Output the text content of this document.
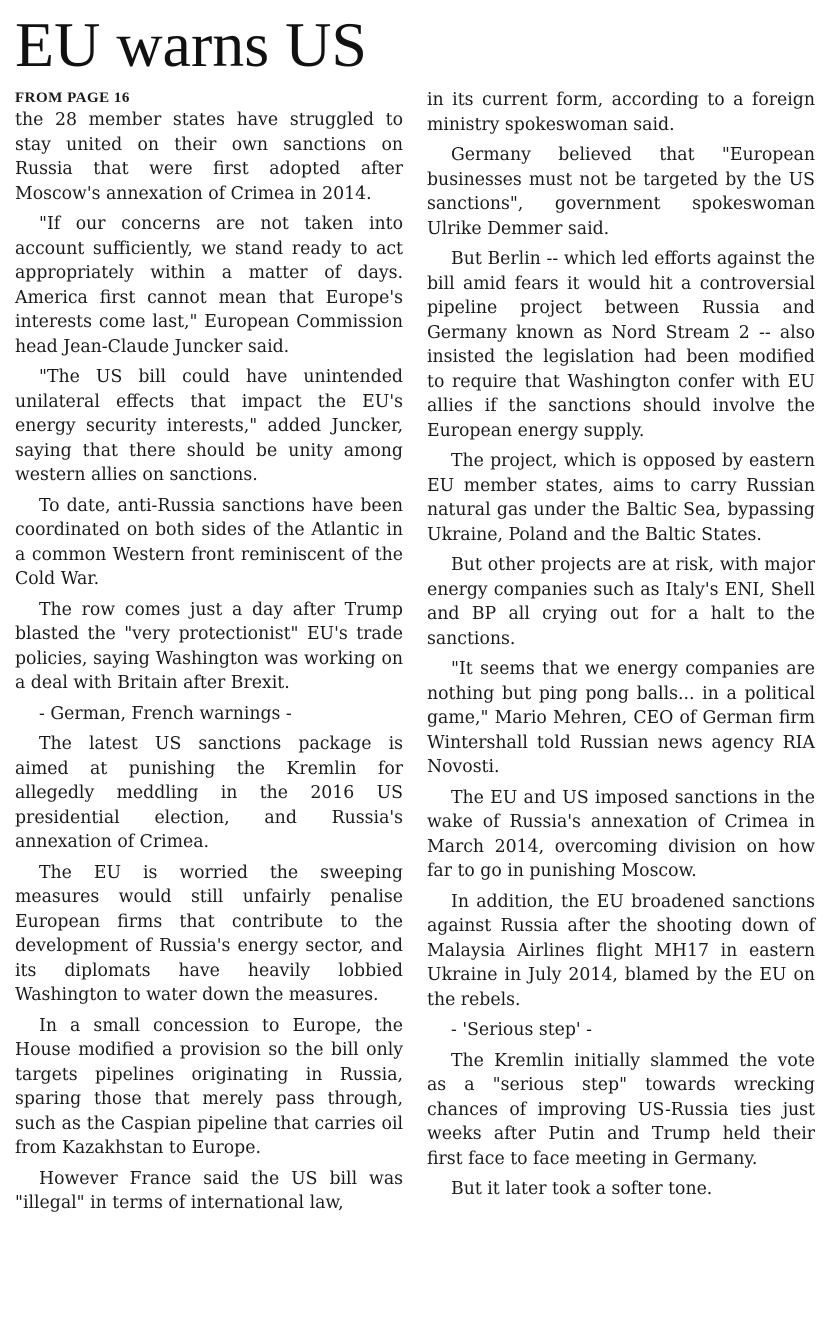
EU warns US
FROM PAGE 16

the 28 member states have struggled to stay united on their own sanctions on Russia that were first adopted after Moscow's annexation of Crimea in 2014.

"If our concerns are not taken into account sufficiently, we stand ready to act appropriately within a matter of days. America first cannot mean that Europe's interests come last," European Commission head Jean-Claude Juncker said.

"The US bill could have unintended unilateral effects that impact the EU's energy security interests," added Juncker, saying that there should be unity among western allies on sanctions.

To date, anti-Russia sanctions have been coordinated on both sides of the Atlantic in a common Western front reminiscent of the Cold War.

The row comes just a day after Trump blasted the "very protectionist" EU's trade policies, saying Washington was working on a deal with Britain after Brexit.

- German, French warnings -

The latest US sanctions package is aimed at punishing the Kremlin for allegedly meddling in the 2016 US presidential election, and Russia's annexation of Crimea.

The EU is worried the sweeping measures would still unfairly penalise European firms that contribute to the development of Russia's energy sector, and its diplomats have heavily lobbied Washington to water down the measures.

In a small concession to Europe, the House modified a provision so the bill only targets pipelines originating in Russia, sparing those that merely pass through, such as the Caspian pipeline that carries oil from Kazakhstan to Europe.

However France said the US bill was "illegal" in terms of international law,

in its current form, according to a foreign ministry spokeswoman said.

Germany believed that "European businesses must not be targeted by the US sanctions", government spokeswoman Ulrike Demmer said.

But Berlin -- which led efforts against the bill amid fears it would hit a controversial pipeline project between Russia and Germany known as Nord Stream 2 -- also insisted the legislation had been modified to require that Washington confer with EU allies if the sanctions should involve the European energy supply.

The project, which is opposed by eastern EU member states, aims to carry Russian natural gas under the Baltic Sea, bypassing Ukraine, Poland and the Baltic States.

But other projects are at risk, with major energy companies such as Italy's ENI, Shell and BP all crying out for a halt to the sanctions.

"It seems that we energy companies are nothing but ping pong balls... in a political game," Mario Mehren, CEO of German firm Wintershall told Russian news agency RIA Novosti.

The EU and US imposed sanctions in the wake of Russia's annexation of Crimea in March 2014, overcoming division on how far to go in punishing Moscow.

In addition, the EU broadened sanctions against Russia after the shooting down of Malaysia Airlines flight MH17 in eastern Ukraine in July 2014, blamed by the EU on the rebels.

- 'Serious step' -

The Kremlin initially slammed the vote as a "serious step" towards wrecking chances of improving US-Russia ties just weeks after Putin and Trump held their first face to face meeting in Germany.

But it later took a softer tone.
